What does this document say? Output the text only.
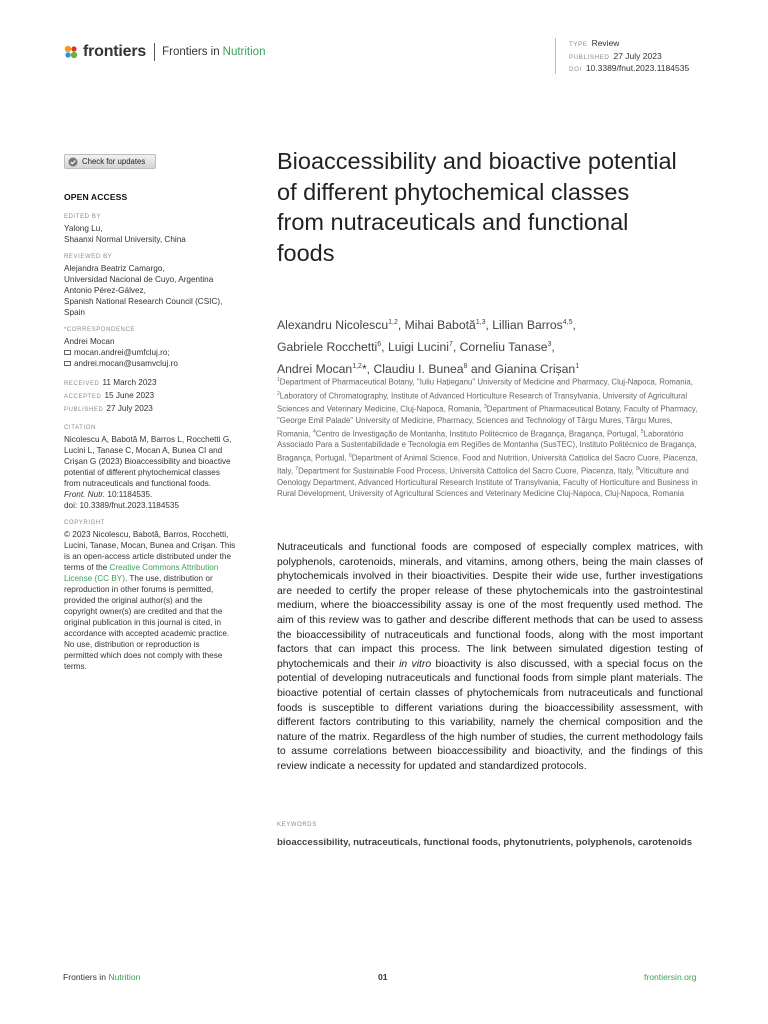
frontiers Frontiers in Nutrition
TYPE Review
PUBLISHED 27 July 2023
DOI 10.3389/fnut.2023.1184535
Check for updates
OPEN ACCESS
EDITED BY
Yalong Lu,
Shaanxi Normal University, China
REVIEWED BY
Alejandra Beatriz Camargo,
Universidad Nacional de Cuyo, Argentina
Antonio Pérez-Gálvez,
Spanish National Research Council (CSIC),
Spain
*CORRESPONDENCE
Andrei Mocan
mocan.andrei@umfcluj.ro;
andrei.mocan@usamvcluj.ro
RECEIVED 11 March 2023
ACCEPTED 15 June 2023
PUBLISHED 27 July 2023
CITATION
Nicolescu A, Babotă M, Barros L, Rocchetti G,
Lucini L, Tanase C, Mocan A, Bunea CI and
Crișan G (2023) Bioaccessibility and bioactive
potential of different phytochemical classes
from nutraceuticals and functional foods.
Front. Nutr. 10:1184535.
doi: 10.3389/fnut.2023.1184535
COPYRIGHT
© 2023 Nicolescu, Babotă, Barros, Rocchetti,
Lucini, Tanase, Mocan, Bunea and Crișan. This
is an open-access article distributed under the
terms of the Creative Commons Attribution
License (CC BY). The use, distribution or
reproduction in other forums is permitted,
provided the original author(s) and the
copyright owner(s) are credited and that the
original publication in this journal is cited, in
accordance with accepted academic practice.
No use, distribution or reproduction is
permitted which does not comply with these
terms.
Bioaccessibility and bioactive potential of different phytochemical classes from nutraceuticals and functional foods
Alexandru Nicolescu$^{1,2}$, Mihai Babotă$^{1,3}$, Lillian Barros$^{4,5}$,
Gabriele Rocchetti$^6$, Luigi Lucini$^7$, Corneliu Tanase$^3$,
Andrei Mocan$^{1,2}$*, Claudiu I. Bunea$^8$ and Gianina Crișan$^1$
$^1$Department of Pharmaceutical Botany, "Iuliu Hațieganu" University of Medicine and Pharmacy, Cluj-Napoca, Romania, $^2$Laboratory of Chromatography, Institute of Advanced Horticulture Research of Transylvania, University of Agricultural Sciences and Veterinary Medicine, Cluj-Napoca, Romania, $^3$Department of Pharmaceutical Botany, Faculty of Pharmacy, "George Emil Palade" University of Medicine, Pharmacy, Sciences and Technology of Târgu Mures, Târgu Mures, Romania, $^4$Centro de Investigação de Montanha, Instituto Politécnico de Bragança, Bragança, Portugal, $^5$Laboratório Associado Para a Sustentabilidade e Tecnologia em Regiões de Montanha (SusTEC), Instituto Politécnico de Bragança, Bragança, Portugal, $^6$Department of Animal Science, Food and Nutrition, Università Cattolica del Sacro Cuore, Piacenza, Italy, $^7$Department for Sustainable Food Process, Università Cattolica del Sacro Cuore, Piacenza, Italy, $^8$Viticulture and Oenology Department, Advanced Horticultural Research Institute of Transylvania, Faculty of Horticulture and Business in Rural Development, University of Agricultural Sciences and Veterinary Medicine Cluj-Napoca, Cluj-Napoca, Romania
Nutraceuticals and functional foods are composed of especially complex matrices, with polyphenols, carotenoids, minerals, and vitamins, among others, being the main classes of phytochemicals involved in their bioactivities. Despite their wide use, further investigations are needed to certify the proper release of these phytochemicals into the gastrointestinal medium, where the bioaccessibility assay is one of the most frequently used method. The aim of this review was to gather and describe different methods that can be used to assess the bioaccessibility of nutraceuticals and functional foods, along with the most important factors that can impact this process. The link between simulated digestion testing of phytochemicals and their in vitro bioactivity is also discussed, with a special focus on the potential of developing nutraceuticals and functional foods from simple plant materials. The bioactive potential of certain classes of phytochemicals from nutraceuticals and functional foods is susceptible to different variations during the bioaccessibility assessment, with different factors contributing to this variability, namely the chemical composition and the nature of the matrix. Regardless of the high number of studies, the current methodology fails to assume correlations between bioaccessibility and bioactivity, and the findings of this review indicate a necessity for updated and standardized protocols.
KEYWORDS
bioaccessibility, nutraceuticals, functional foods, phytonutrients, polyphenols, carotenoids
Frontiers in Nutrition	01	frontiersin.org
